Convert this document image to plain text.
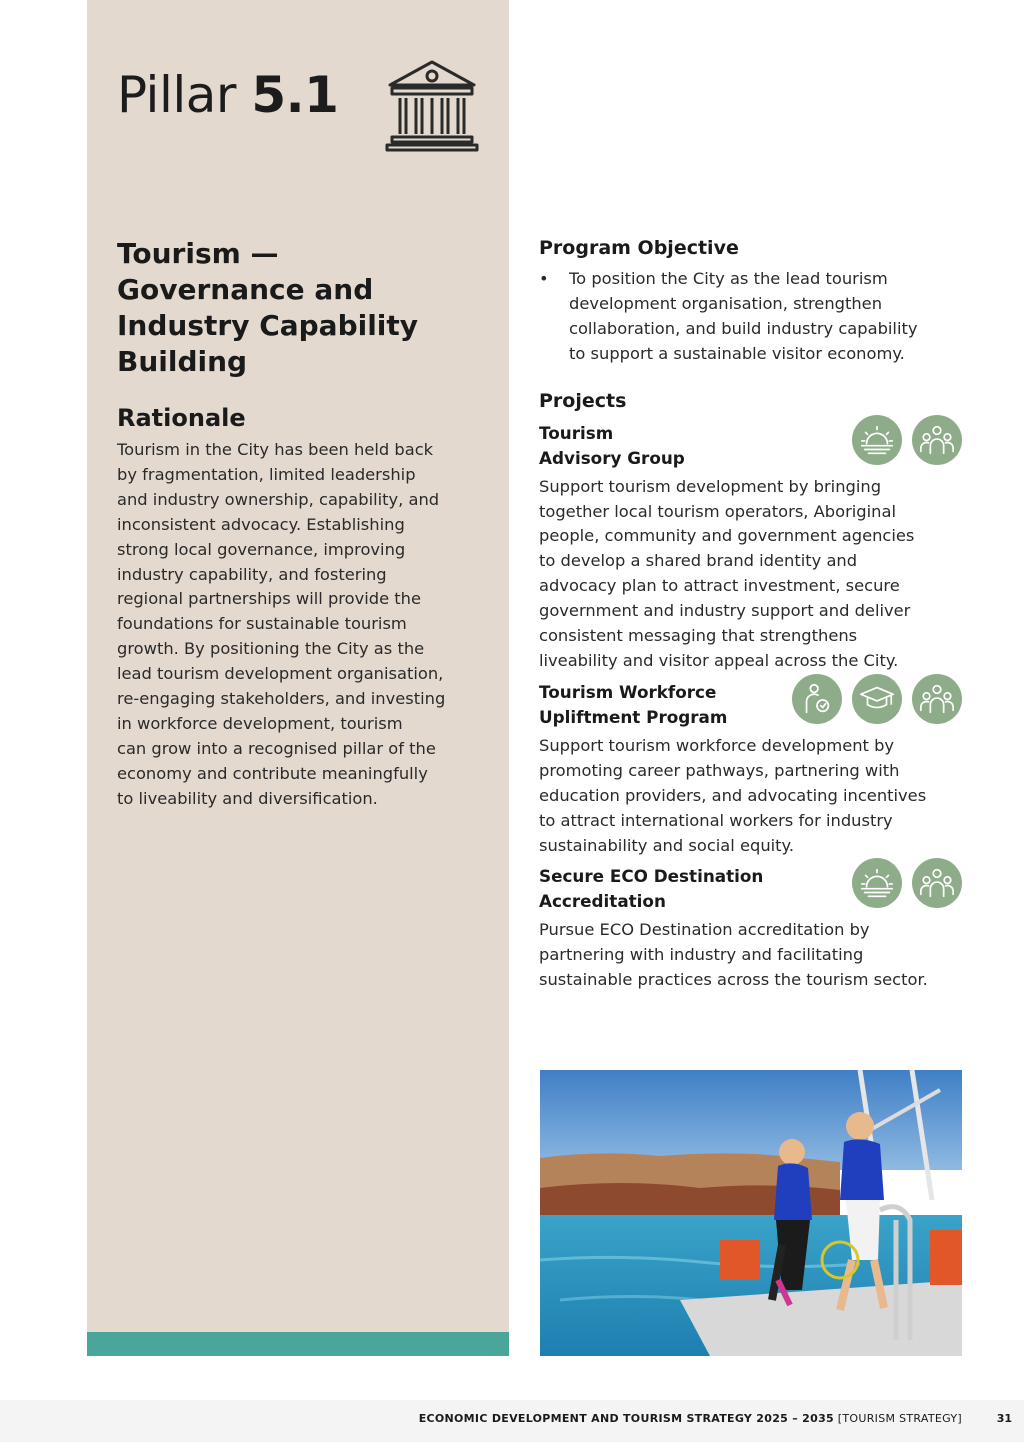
Pillar 5.1
Tourism —
Governance and
Industry Capability
Building
Rationale
Tourism in the City has been held back
by fragmentation, limited leadership
and industry ownership, capability, and
inconsistent advocacy. Establishing
strong local governance, improving
industry capability, and fostering
regional partnerships will provide the
foundations for sustainable tourism
growth. By positioning the City as the
lead tourism development organisation,
re-engaging stakeholders, and investing
in workforce development, tourism
can grow into a recognised pillar of the
economy and contribute meaningfully
to liveability and diversification.
Program Objective
• To position the City as the lead tourism
development organisation, strengthen
collaboration, and build industry capability
to support a sustainable visitor economy.
Projects
Tourism
Advisory Group
Support tourism development by bringing
together local tourism operators, Aboriginal
people, community and government agencies
to develop a shared brand identity and
advocacy plan to attract investment, secure
government and industry support and deliver
consistent messaging that strengthens
liveability and visitor appeal across the City.
Tourism Workforce
Upliftment Program
Support tourism workforce development by
promoting career pathways, partnering with
education providers, and advocating incentives
to attract international workers for industry
sustainability and social equity.
Secure ECO Destination
Accreditation
Pursue ECO Destination accreditation by
partnering with industry and facilitating
sustainable practices across the tourism sector.
ECONOMIC DEVELOPMENT AND TOURISM STRATEGY 2025 – 2035 [TOURISM STRATEGY]	31
